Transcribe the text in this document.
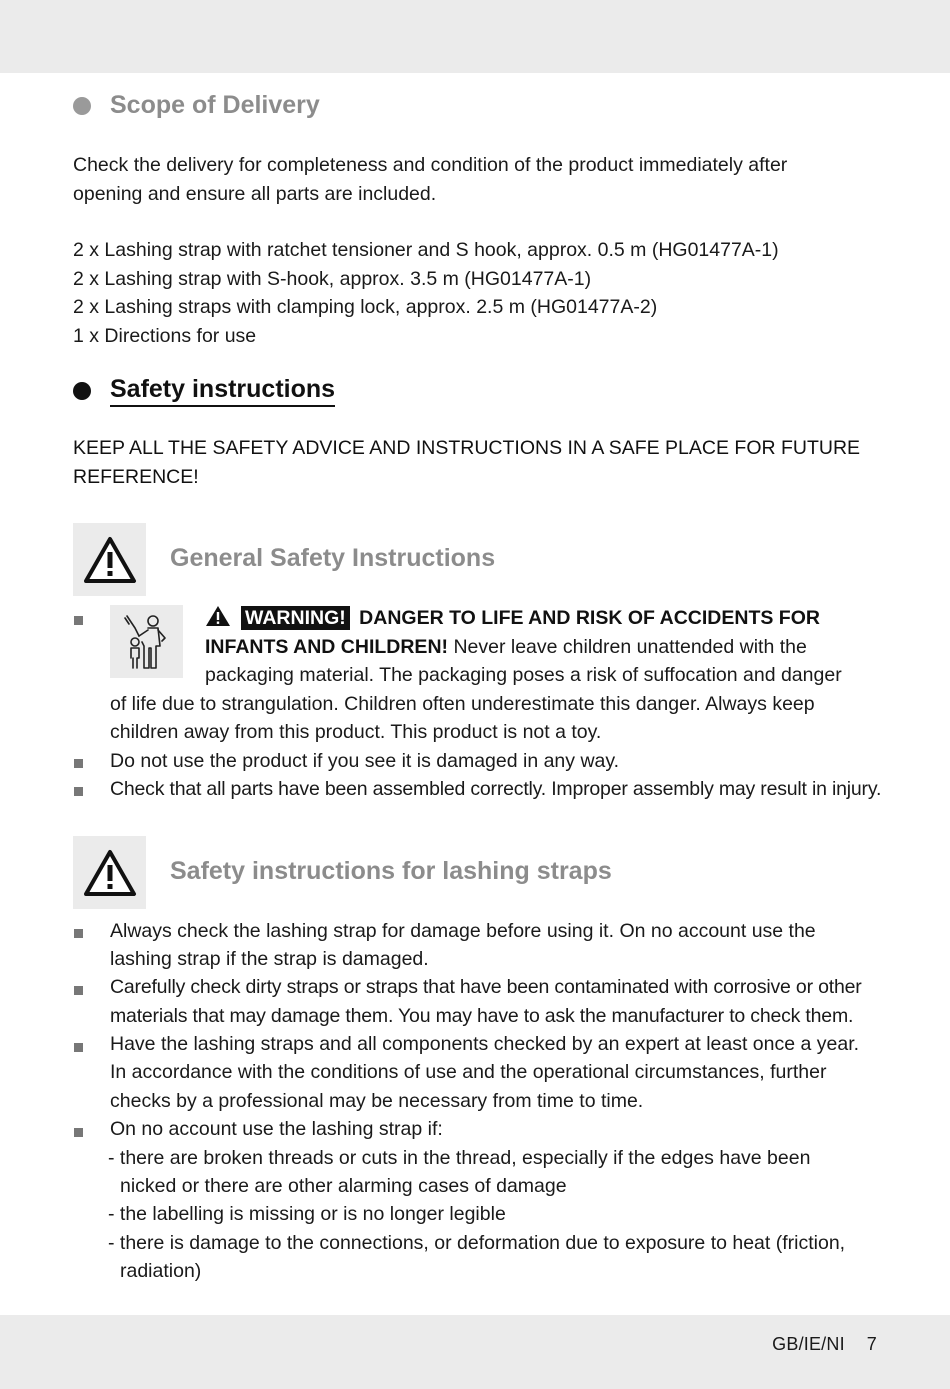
Scope of Delivery
Check the delivery for completeness and condition of the product immediately after
opening and ensure all parts are included.
2 x Lashing strap with ratchet tensioner and S hook, approx. 0.5 m (HG01477A-1)
2 x Lashing strap with S-hook, approx. 3.5 m (HG01477A-1)
2 x Lashing straps with clamping lock, approx. 2.5 m (HG01477A-2)
1 x Directions for use
Safety instructions
KEEP ALL THE SAFETY ADVICE AND INSTRUCTIONS IN A SAFE PLACE FOR FUTURE
REFERENCE!
General Safety Instructions
WARNING! DANGER TO LIFE AND RISK OF ACCIDENTS FOR
INFANTS AND CHILDREN! Never leave children unattended with the
packaging material. The packaging poses a risk of suffocation and danger
of life due to strangulation. Children often underestimate this danger. Always keep
children away from this product. This product is not a toy.
Do not use the product if you see it is damaged in any way.
Check that all parts have been assembled correctly. Improper assembly may result in injury.
Safety instructions for lashing straps
Always check the lashing strap for damage before using it. On no account use the
lashing strap if the strap is damaged.
Carefully check dirty straps or straps that have been contaminated with corrosive or other
materials that may damage them. You may have to ask the manufacturer to check them.
Have the lashing straps and all components checked by an expert at least once a year.
In accordance with the conditions of use and the operational circumstances, further
checks by a professional may be necessary from time to time.
On no account use the lashing strap if:
- there are broken threads or cuts in the thread, especially if the edges have been
nicked or there are other alarming cases of damage
- the labelling is missing or is no longer legible
- there is damage to the connections, or deformation due to exposure to heat (friction,
radiation)
GB/IE/NI 7
